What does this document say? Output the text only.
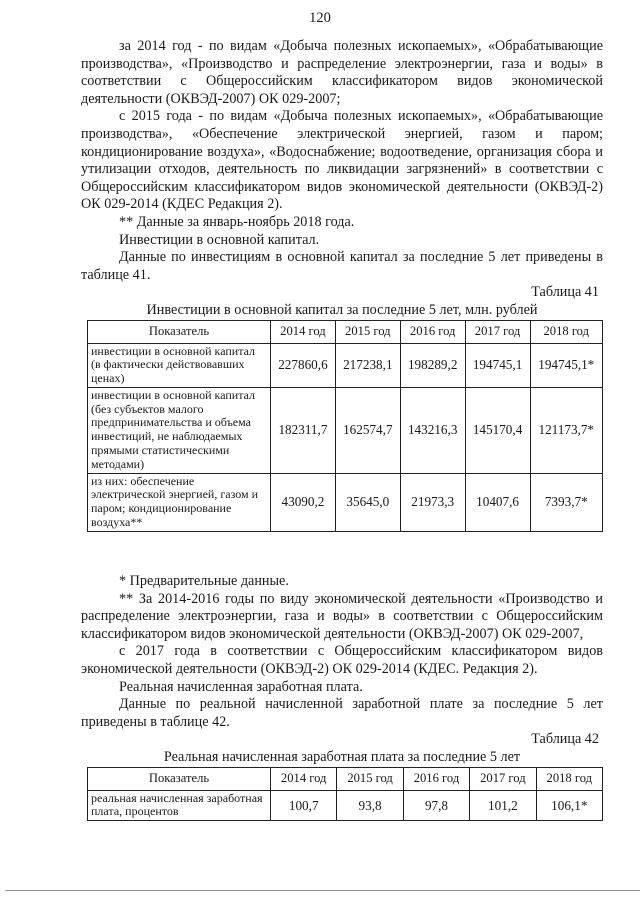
120

за 2014 год - по видам «Добыча полезных ископаемых», «Обрабатывающие производства», «Производство и распределение электроэнергии, газа и воды» в соответствии с Общероссийским классификатором видов экономической деятельности (ОКВЭД-2007) ОК 029-2007;

с 2015 года - по видам «Добыча полезных ископаемых», «Обрабатывающие производства», «Обеспечение электрической энергией, газом и паром; кондиционирование воздуха», «Водоснабжение; водоотведение, организация сбора и утилизации отходов, деятельность по ликвидации загрязнений» в соответствии с Общероссийским классификатором видов экономической деятельности (ОКВЭД-2) ОК 029-2014 (КДЕС Редакция 2).

** Данные за январь-ноябрь 2018 года.

Инвестиции в основной капитал.

Данные по инвестициям в основной капитал за последние 5 лет приведены в таблице 41.

Таблица 41

Инвестиции в основной капитал за последние 5 лет, млн. рублей

Показатель	2014 год	2015 год	2016 год	2017 год	2018 год
инвестиции в основной капитал (в фактически действовавших ценах)	227860,6	217238,1	198289,2	194745,1	194745,1*
инвестиции в основной капитал (без субъектов малого предпринимательства и объема инвестиций, не наблюдаемых прямыми статистическими методами)	182311,7	162574,7	143216,3	145170,4	121173,7*
из них: обеспечение электрической энергией, газом и паром; кондиционирование воздуха**	43090,2	35645,0	21973,3	10407,6	7393,7*

* Предварительные данные.

** За 2014-2016 годы по виду экономической деятельности «Производство и распределение электроэнергии, газа и воды» в соответствии с Общероссийским классификатором видов экономической деятельности (ОКВЭД-2007) ОК 029-2007,

с 2017 года в соответствии с Общероссийским классификатором видов экономической деятельности (ОКВЭД-2) ОК 029-2014 (КДЕС. Редакция 2).

Реальная начисленная заработная плата.

Данные по реальной начисленной заработной плате за последние 5 лет приведены в таблице 42.

Таблица 42

Реальная начисленная заработная плата за последние 5 лет

Показатель	2014 год	2015 год	2016 год	2017 год	2018 год
реальная начисленная заработная плата, процентов	100,7	93,8	97,8	101,2	106,1*
